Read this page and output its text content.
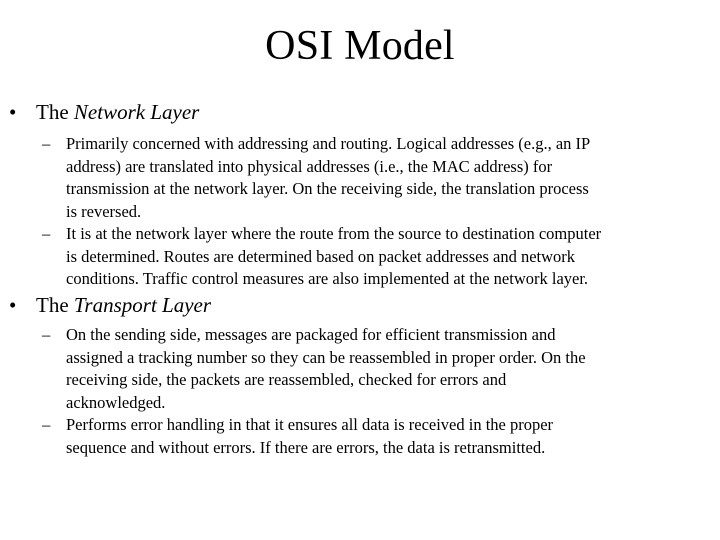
OSI Model
• The Network Layer
– Primarily concerned with addressing and routing. Logical addresses (e.g., an IP
address) are translated into physical addresses (i.e., the MAC address) for
transmission at the network layer. On the receiving side, the translation process
is reversed.
– It is at the network layer where the route from the source to destination computer
is determined. Routes are determined based on packet addresses and network
conditions. Traffic control measures are also implemented at the network layer.
• The Transport Layer
– On the sending side, messages are packaged for efficient transmission and
assigned a tracking number so they can be reassembled in proper order. On the
receiving side, the packets are reassembled, checked for errors and
acknowledged.
– Performs error handling in that it ensures all data is received in the proper
sequence and without errors. If there are errors, the data is retransmitted.
